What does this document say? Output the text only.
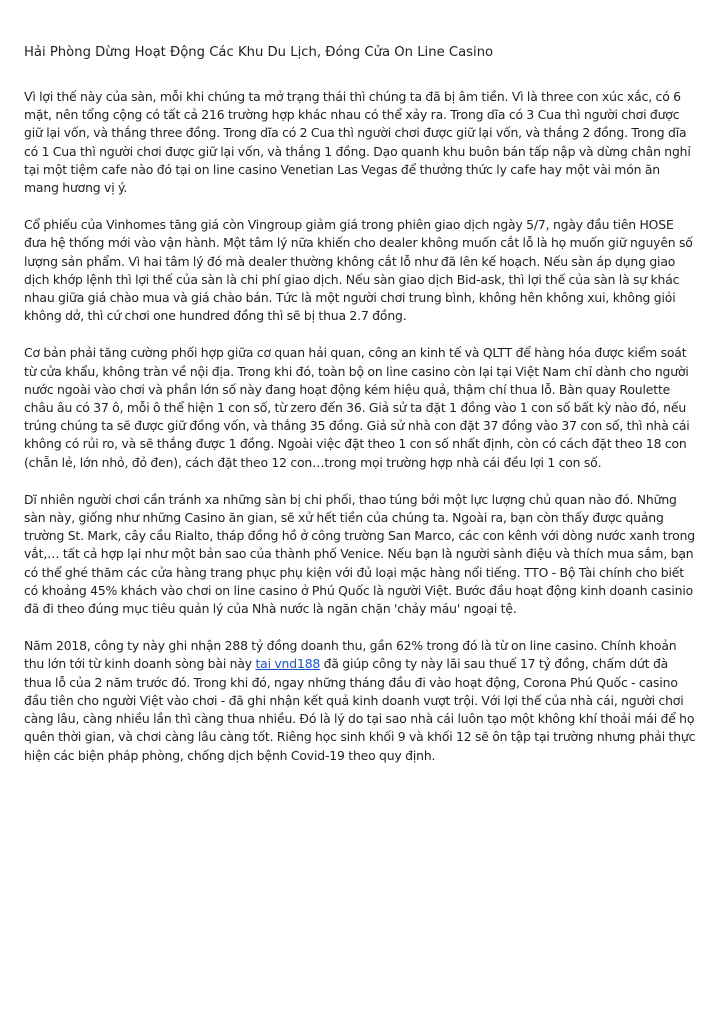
Hải Phòng Dừng Hoạt Động Các Khu Du Lịch, Đóng Cửa On Line Casino

Vì lợi thế này của sàn, mỗi khi chúng ta mở trạng thái thì chúng ta đã bị âm tiền. Vì là three con xúc xắc, có 6 mặt, nên tổng cộng có tất cả 216 trường hợp khác nhau có thể xảy ra. Trong dĩa có 3 Cua thì người chơi được giữ lại vốn, và thắng three đồng. Trong dĩa có 2 Cua thì người chơi được giữ lại vốn, và thắng 2 đồng. Trong dĩa có 1 Cua thì người chơi được giữ lại vốn, và thắng 1 đồng. Dạo quanh khu buôn bán tấp nập và dừng chân nghỉ tại một tiệm cafe nào đó tại on line casino Venetian Las Vegas để thưởng thức ly cafe hay một vài món ăn mang hương vị ý.

Cổ phiếu của Vinhomes tăng giá còn Vingroup giảm giá trong phiên giao dịch ngày 5/7, ngày đầu tiên HOSE đưa hệ thống mới vào vận hành. Một tâm lý nữa khiến cho dealer không muốn cắt lỗ là họ muốn giữ nguyên số lượng sản phẩm. Vì hai tâm lý đó mà dealer thường không cắt lỗ như đã lên kế hoạch. Nếu sàn áp dụng giao dịch khớp lệnh thì lợi thế của sàn là chi phí giao dịch. Nếu sàn giao dịch Bid-ask, thì lợi thế của sàn là sự khác nhau giữa giá chào mua và giá chào bán. Tức là một người chơi trung bình, không hên không xui, không giỏi không dở, thì cứ chơi one hundred đồng thì sẽ bị thua 2.7 đồng.

Cơ bản phải tăng cường phối hợp giữa cơ quan hải quan, công an kinh tế và QLTT để hàng hóa được kiểm soát từ cửa khẩu, không tràn về nội địa. Trong khi đó, toàn bộ on line casino còn lại tại Việt Nam chỉ dành cho người nước ngoài vào chơi và phần lớn số này đang hoạt động kém hiệu quả, thậm chí thua lỗ. Bàn quay Roulette châu âu có 37 ô, mỗi ô thể hiện 1 con số, từ zero đến 36. Giả sử ta đặt 1 đồng vào 1 con số bất kỳ nào đó, nếu trúng chúng ta sẽ được giữ đồng vốn, và thắng 35 đồng. Giả sử nhà con đặt 37 đồng vào 37 con số, thì nhà cái không có rủi ro, và sẽ thắng được 1 đồng. Ngoài việc đặt theo 1 con số nhất định, còn có cách đặt theo 18 con (chẵn lẻ, lớn nhỏ, đỏ đen), cách đặt theo 12 con…trong mọi trường hợp nhà cái đều lợi 1 con số.

Dĩ nhiên người chơi cần tránh xa những sàn bị chi phối, thao túng bởi một lực lượng chủ quan nào đó. Những sàn này, giống như những Casino ăn gian, sẽ xử hết tiền của chúng ta. Ngoài ra, bạn còn thấy được quảng trường St. Mark, cây cầu Rialto, tháp đồng hồ ở công trường San Marco, các con kênh với dòng nước xanh trong vắt,… tất cả hợp lại như một bản sao của thành phố Venice. Nếu bạn là người sành điệu và thích mua sắm, bạn có thể ghé thăm các cửa hàng trang phục phụ kiện với đủ loại mặc hàng nổi tiếng. TTO - Bộ Tài chính cho biết có khoảng 45% khách vào chơi on line casino ở Phú Quốc là người Việt. Bước đầu hoạt động kinh doanh casinio đã đi theo đúng mục tiêu quản lý của Nhà nước là ngăn chặn 'chảy máu' ngoại tệ.

Năm 2018, công ty này ghi nhận 288 tỷ đồng doanh thu, gần 62% trong đó là từ on line casino. Chính khoản thu lớn tới từ kinh doanh sòng bài này tai vnd188 đã giúp công ty này lãi sau thuế 17 tỷ đồng, chấm dứt đà thua lỗ của 2 năm trước đó. Trong khi đó, ngay những tháng đầu đi vào hoạt động, Corona Phú Quốc - casino đầu tiên cho người Việt vào chơi - đã ghi nhận kết quả kinh doanh vượt trội. Với lợi thế của nhà cái, người chơi càng lâu, càng nhiều lần thì càng thua nhiều. Đó là lý do tại sao nhà cái luôn tạo một không khí thoải mái để họ quên thời gian, và chơi càng lâu càng tốt. Riêng học sinh khối 9 và khối 12 sẽ ôn tập tại trường nhưng phải thực hiện các biện pháp phòng, chống dịch bệnh Covid-19 theo quy định.
